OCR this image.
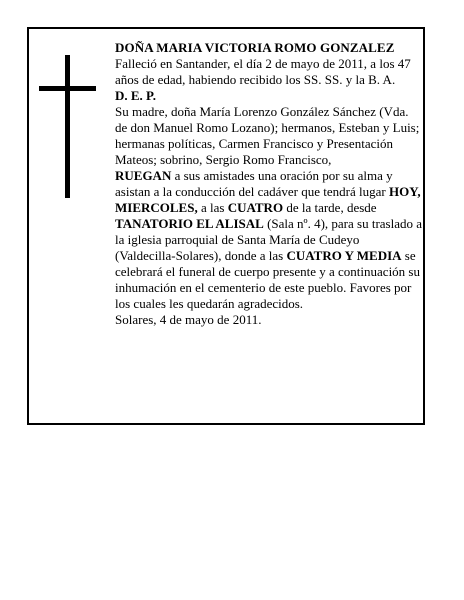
DOÑA MARIA VICTORIA ROMO GONZALEZ

Falleció en Santander, el día 2 de mayo de 2011, a los 47 años de edad, habiendo recibido los SS. SS. y la B. A.

D. E. P.

Su madre, doña María Lorenzo González Sánchez (Vda. de don Manuel Romo Lozano); hermanos, Esteban y Luis; hermanas políticas, Carmen Francisco y Presentación Mateos; sobrino, Sergio Romo Francisco,

RUEGAN a sus amistades una oración por su alma y asistan a la conducción del cadáver que tendrá lugar HOY, MIERCOLES, a las CUATRO de la tarde, desde TANATORIO EL ALISAL (Sala nº. 4), para su traslado a la iglesia parroquial de Santa María de Cudeyo (Valdecilla-Solares), donde a las CUATRO Y MEDIA se celebrará el funeral de cuerpo presente y a continuación su inhumación en el cementerio de este pueblo. Favores por los cuales les quedarán agradecidos.

Solares, 4 de mayo de 2011.
